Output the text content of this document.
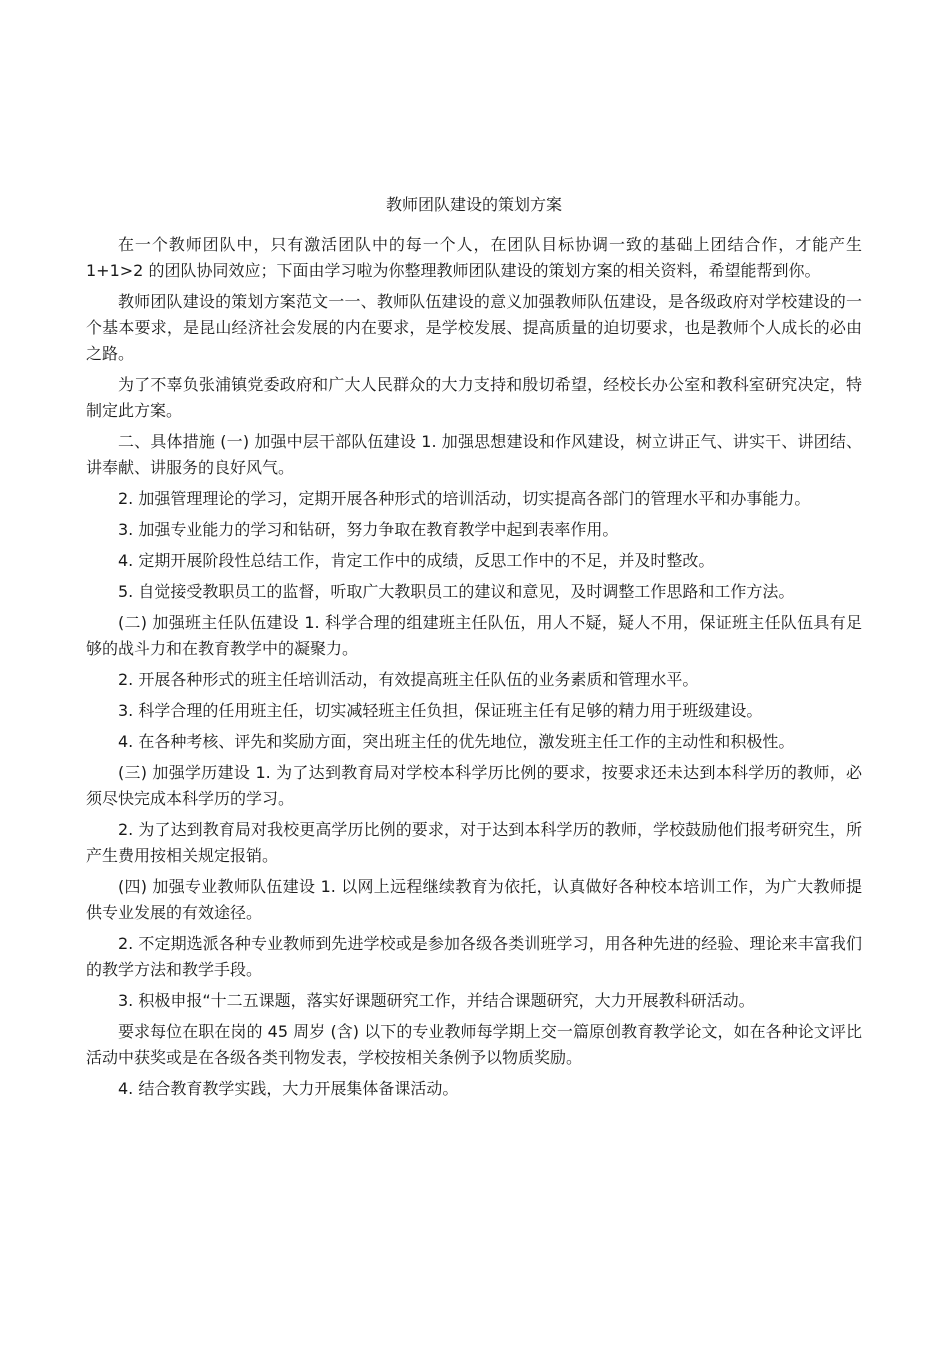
教师团队建设的策划方案

在一个教师团队中，只有激活团队中的每一个人，在团队目标协调一致的基础上团结合作，才能产生 1+1>2 的团队协同效应；下面由学习啦为你整理教师团队建设的策划方案的相关资料，希望能帮到你。

教师团队建设的策划方案范文一一、教师队伍建设的意义加强教师队伍建设，是各级政府对学校建设的一个基本要求，是昆山经济社会发展的内在要求，是学校发展、提高质量的迫切要求，也是教师个人成长的必由之路。

为了不辜负张浦镇党委政府和广大人民群众的大力支持和殷切希望，经校长办公室和教科室研究决定，特制定此方案。

二、具体措施 (一) 加强中层干部队伍建设 1. 加强思想建设和作风建设，树立讲正气、讲实干、讲团结、讲奉献、讲服务的良好风气。

2. 加强管理理论的学习，定期开展各种形式的培训活动，切实提高各部门的管理水平和办事能力。

3. 加强专业能力的学习和钻研，努力争取在教育教学中起到表率作用。

4. 定期开展阶段性总结工作，肯定工作中的成绩，反思工作中的不足，并及时整改。

5. 自觉接受教职员工的监督，听取广大教职员工的建议和意见，及时调整工作思路和工作方法。

(二) 加强班主任队伍建设 1. 科学合理的组建班主任队伍，用人不疑，疑人不用，保证班主任队伍具有足够的战斗力和在教育教学中的凝聚力。

2. 开展各种形式的班主任培训活动，有效提高班主任队伍的业务素质和管理水平。

3. 科学合理的任用班主任，切实减轻班主任负担，保证班主任有足够的精力用于班级建设。

4. 在各种考核、评先和奖励方面，突出班主任的优先地位，激发班主任工作的主动性和积极性。

(三) 加强学历建设 1. 为了达到教育局对学校本科学历比例的要求，按要求还未达到本科学历的教师，必须尽快完成本科学历的学习。

2. 为了达到教育局对我校更高学历比例的要求，对于达到本科学历的教师，学校鼓励他们报考研究生，所产生费用按相关规定报销。

(四) 加强专业教师队伍建设 1. 以网上远程继续教育为依托，认真做好各种校本培训工作，为广大教师提供专业发展的有效途径。

2. 不定期选派各种专业教师到先进学校或是参加各级各类训班学习，用各种先进的经验、理论来丰富我们的教学方法和教学手段。

3. 积极申报“十二五课题，落实好课题研究工作，并结合课题研究，大力开展教科研活动。

要求每位在职在岗的 45 周岁 (含) 以下的专业教师每学期上交一篇原创教育教学论文，如在各种论文评比活动中获奖或是在各级各类刊物发表，学校按相关条例予以物质奖励。

4. 结合教育教学实践，大力开展集体备课活动。
